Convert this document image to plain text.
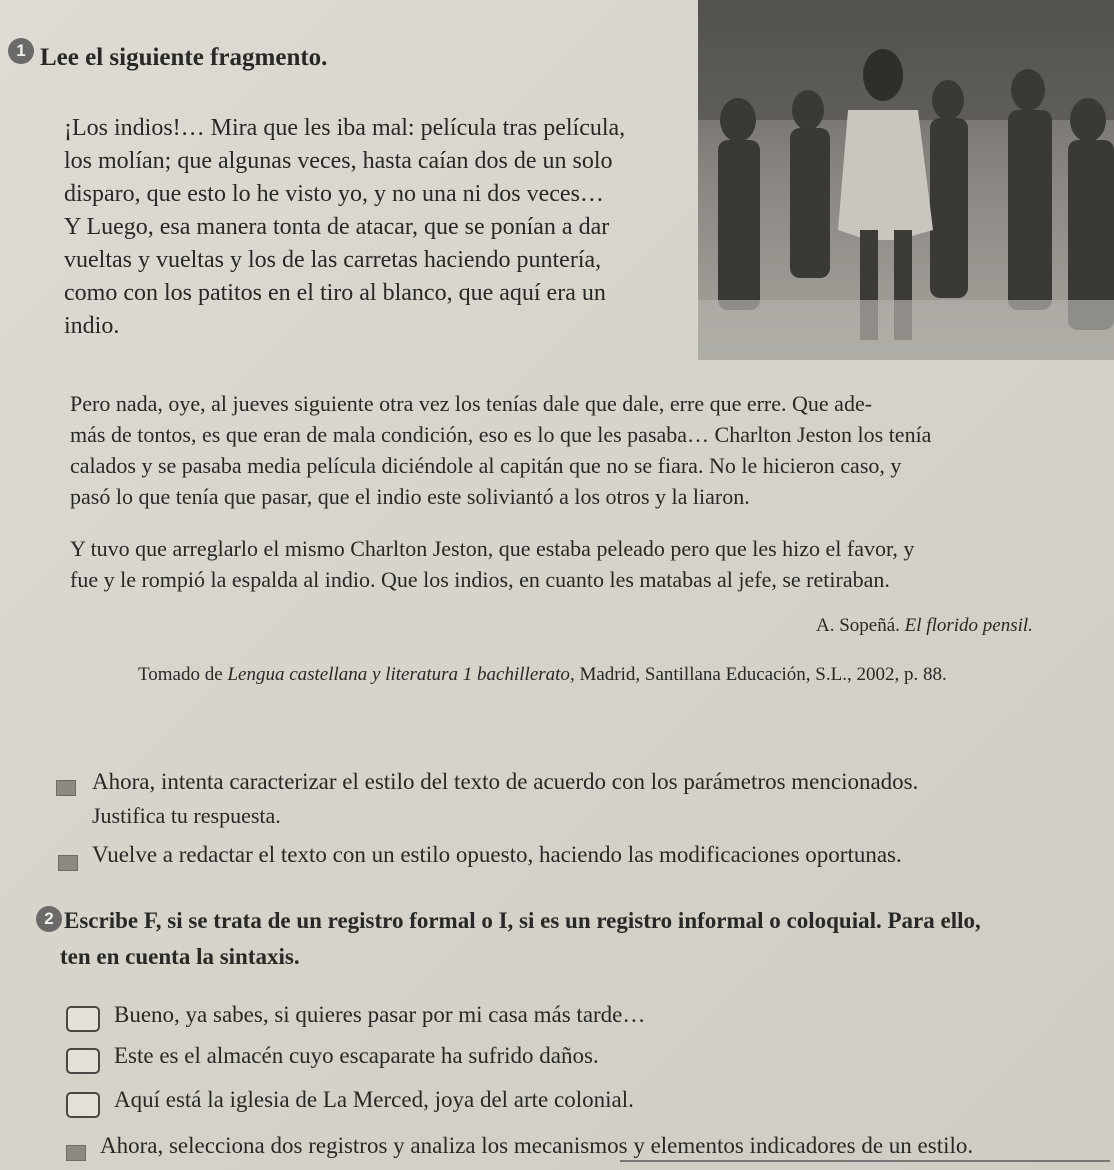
1 Lee el siguiente fragmento.
¡Los indios!… Mira que les iba mal: película tras película,
los molían; que algunas veces, hasta caían dos de un solo
disparo, que esto lo he visto yo, y no una ni dos veces…
Y Luego, esa manera tonta de atacar, que se ponían a dar
vueltas y vueltas y los de las carretas haciendo puntería,
como con los patitos en el tiro al blanco, que aquí era un
indio.
Pero nada, oye, al jueves siguiente otra vez los tenías dale que dale, erre que erre. Que ade-
más de tontos, es que eran de mala condición, eso es lo que les pasaba… Charlton Jeston los tenía
calados y se pasaba media película diciéndole al capitán que no se fiara. No le hicieron caso, y
pasó lo que tenía que pasar, que el indio este soliviantó a los otros y la liaron.
Y tuvo que arreglarlo el mismo Charlton Jeston, que estaba peleado pero que les hizo el favor, y
fue y le rompió la espalda al indio. Que los indios, en cuanto les matabas al jefe, se retiraban.
A. Sopeñá. El florido pensil.
Tomado de Lengua castellana y literatura 1 bachillerato, Madrid, Santillana Educación, S.L., 2002, p. 88.
Ahora, intenta caracterizar el estilo del texto de acuerdo con los parámetros mencionados.
Justifica tu respuesta.
Vuelve a redactar el texto con un estilo opuesto, haciendo las modificaciones oportunas.
2 Escribe F, si se trata de un registro formal o I, si es un registro informal o coloquial. Para ello,
ten en cuenta la sintaxis.
Bueno, ya sabes, si quieres pasar por mi casa más tarde…
Este es el almacén cuyo escaparate ha sufrido daños.
Aquí está la iglesia de La Merced, joya del arte colonial.
Ahora, selecciona dos registros y analiza los mecanismos y elementos indicadores de un estilo.
